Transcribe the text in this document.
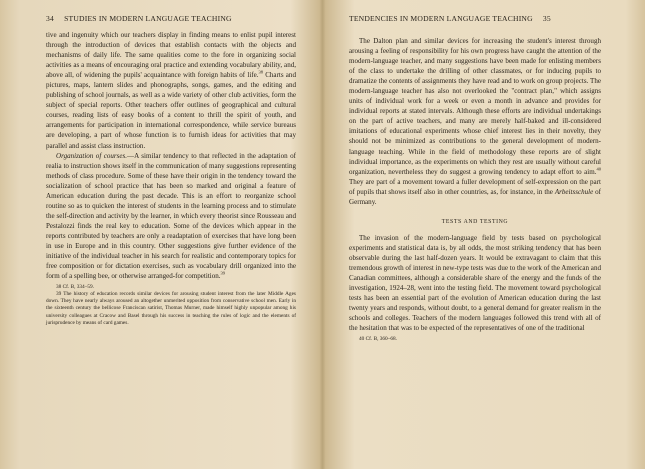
34 STUDIES IN MODERN LANGUAGE TEACHING

tive and ingenuity which our teachers display in finding means to enlist pupil interest through the introduction of devices that establish contacts with the objects and mechanisms of daily life. The same qualities come to the fore in organizing social activities as a means of encouraging oral practice and extending vocabulary ability, and, above all, of widening the pupils' acquaintance with foreign habits of life.$^{38}$ Charts and pictures, maps, lantern slides and phonographs, songs, games, and the editing and publishing of school journals, as well as a wide variety of other club activities, form the subject of special reports. Other teachers offer outlines of geographical and cultural courses, reading lists of easy books of a content to thrill the spirit of youth, and arrangements for participation in international correspondence, while service bureaus are developing, a part of whose function is to furnish ideas for activities that may parallel and assist class instruction.

Organization of courses.—A similar tendency to that reflected in the adaptation of realia to instruction shows itself in the communication of many suggestions representing methods of class procedure. Some of these have their origin in the tendency toward the socialization of school practice that has been so marked and original a feature of American education during the past decade. This is an effort to reorganize school routine so as to quicken the interest of students in the learning process and to stimulate the self-direction and activity by the learner, in which every theorist since Rousseau and Pestalozzi finds the real key to education. Some of the devices which appear in the reports contributed by teachers are only a readaptation of exercises that have long been in use in Europe and in this country. Other suggestions give further evidence of the initiative of the individual teacher in his search for realistic and contemporary topics for free composition or for dictation exercises, such as vocabulary drill organized into the form of a spelling bee, or otherwise arranged-for competition.$^{39}$

38 Cf. B, 334–59.

39 The history of education records similar devices for arousing student interest from the later Middle Ages down. They have nearly always aroused an altogether unmerited opposition from conservative school men. Early in the sixteenth century the bellicose Franciscan satirist, Thomas Murner, made himself highly unpopular among his university colleagues at Cracow and Basel through his success in teaching the rules of logic and the elements of jurisprudence by means of card games.

TENDENCIES IN MODERN LANGUAGE TEACHING 35

The Dalton plan and similar devices for increasing the student's interest through arousing a feeling of responsibility for his own progress have caught the attention of the modern-language teacher, and many suggestions have been made for enlisting members of the class to undertake the drilling of other classmates, or for inducing pupils to dramatize the contents of assignments they have read and to work on group projects. The modern-language teacher has also not overlooked the "contract plan," which assigns units of individual work for a week or even a month in advance and provides for individual reports at stated intervals. Although these efforts are individual undertakings on the part of active teachers, and many are merely half-baked and ill-considered imitations of educational experiments whose chief interest lies in their novelty, they should not be minimized as contributions to the general development of modern-language teaching. While in the field of methodology these reports are of slight individual importance, as the experiments on which they rest are usually without careful organization, nevertheless they do suggest a growing tendency to adapt effort to aim.$^{40}$ They are part of a movement toward a fuller development of self-expression on the part of pupils that shows itself also in other countries, as, for instance, in the Arbeitsschule of Germany.

TESTS AND TESTING

The invasion of the modern-language field by tests based on psychological experiments and statistical data is, by all odds, the most striking tendency that has been observable during the last half-dozen years. It would be extravagant to claim that this tremendous growth of interest in new-type tests was due to the work of the American and Canadian committees, although a considerable share of the energy and the funds of the investigation, 1924–28, went into the testing field. The movement toward psychological tests has been an essential part of the evolution of American education during the last twenty years and responds, without doubt, to a general demand for greater realism in the schools and colleges. Teachers of the modern languages followed this trend with all of the hesitation that was to be expected of the representatives of one of the traditional

40 Cf. B, 360–68.
